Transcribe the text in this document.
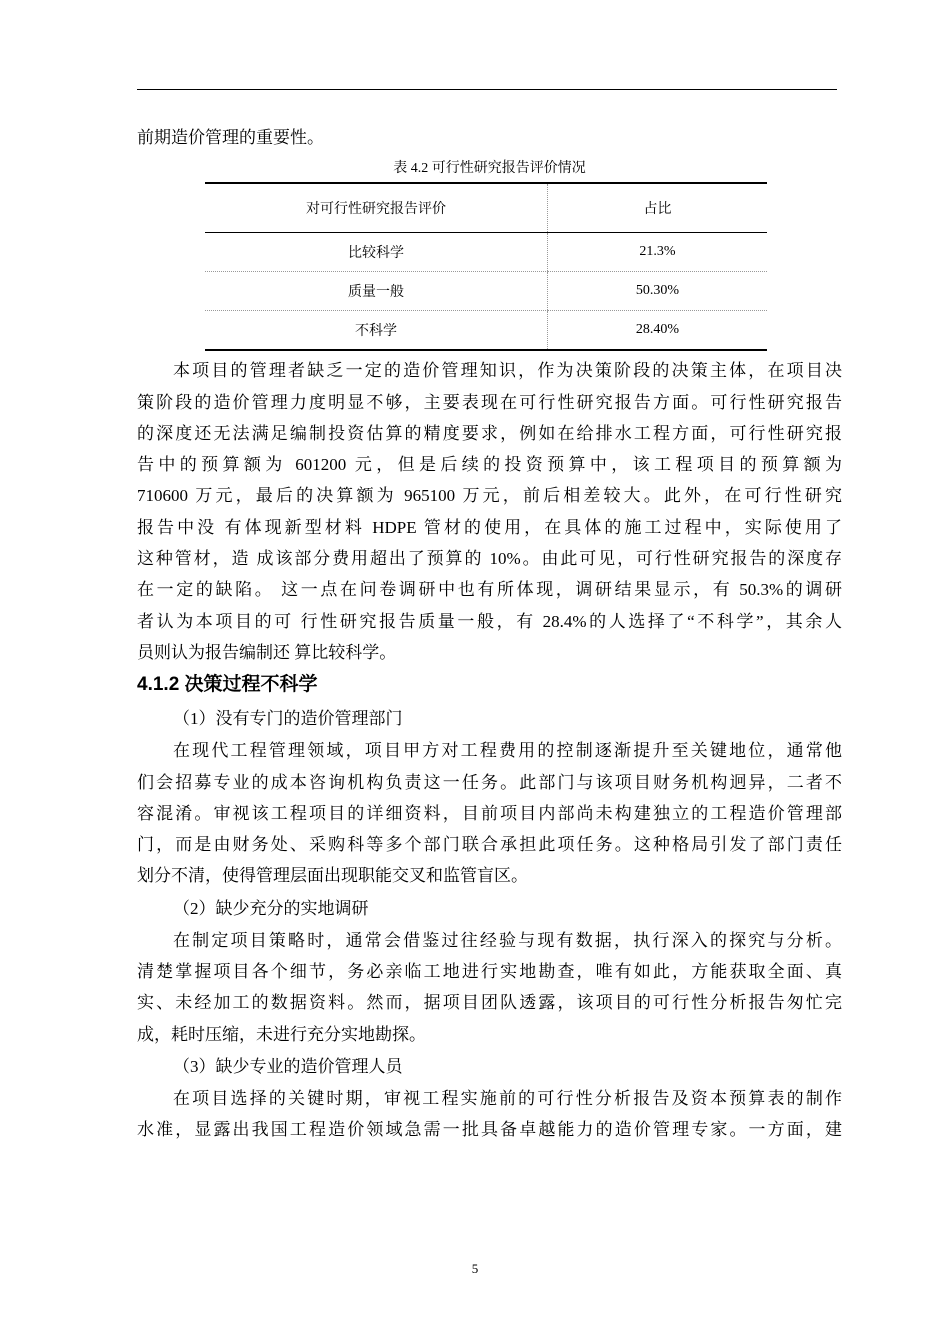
前期造价管理的重要性。
表 4.2 可行性研究报告评价情况
对可行性研究报告评价	占比
比较科学	21.3%
质量一般	50.30%
不科学	28.40%
本项目的管理者缺乏一定的造价管理知识，作为决策阶段的决策主体，在项目决
策阶段的造价管理力度明显不够，主要表现在可行性研究报告方面。可行性研究报告
的深度还无法满足编制投资估算的精度要求，例如在给排水工程方面，可行性研究报
告中的预算额为 601200 元，但是后续的投资预算中，该工程项目的预算额为
710600 万元，最后的决算额为 965100 万元，前后相差较大。此外，在可行性研究
报告中没 有体现新型材料 HDPE 管材的使用，在具体的施工过程中，实际使用了
这种管材，造 成该部分费用超出了预算的 10%。由此可见，可行性研究报告的深度存
在一定的缺陷。 这一点在问卷调研中也有所体现，调研结果显示，有 50.3%的调研
者认为本项目的可 行性研究报告质量一般，有 28.4%的人选择了“不科学”，其余人
员则认为报告编制还 算比较科学。
4.1.2 决策过程不科学
（1）没有专门的造价管理部门
在现代工程管理领域，项目甲方对工程费用的控制逐渐提升至关键地位，通常他
们会招募专业的成本咨询机构负责这一任务。此部门与该项目财务机构迥异，二者不
容混淆。审视该工程项目的详细资料，目前项目内部尚未构建独立的工程造价管理部
门，而是由财务处、采购科等多个部门联合承担此项任务。这种格局引发了部门责任
划分不清，使得管理层面出现职能交叉和监管盲区。
（2）缺少充分的实地调研
在制定项目策略时，通常会借鉴过往经验与现有数据，执行深入的探究与分析。
清楚掌握项目各个细节，务必亲临工地进行实地勘查，唯有如此，方能获取全面、真
实、未经加工的数据资料。然而，据项目团队透露，该项目的可行性分析报告匆忙完
成，耗时压缩，未进行充分实地勘探。
（3）缺少专业的造价管理人员
在项目选择的关键时期，审视工程实施前的可行性分析报告及资本预算表的制作
水准，显露出我国工程造价领域急需一批具备卓越能力的造价管理专家。一方面，建
5
